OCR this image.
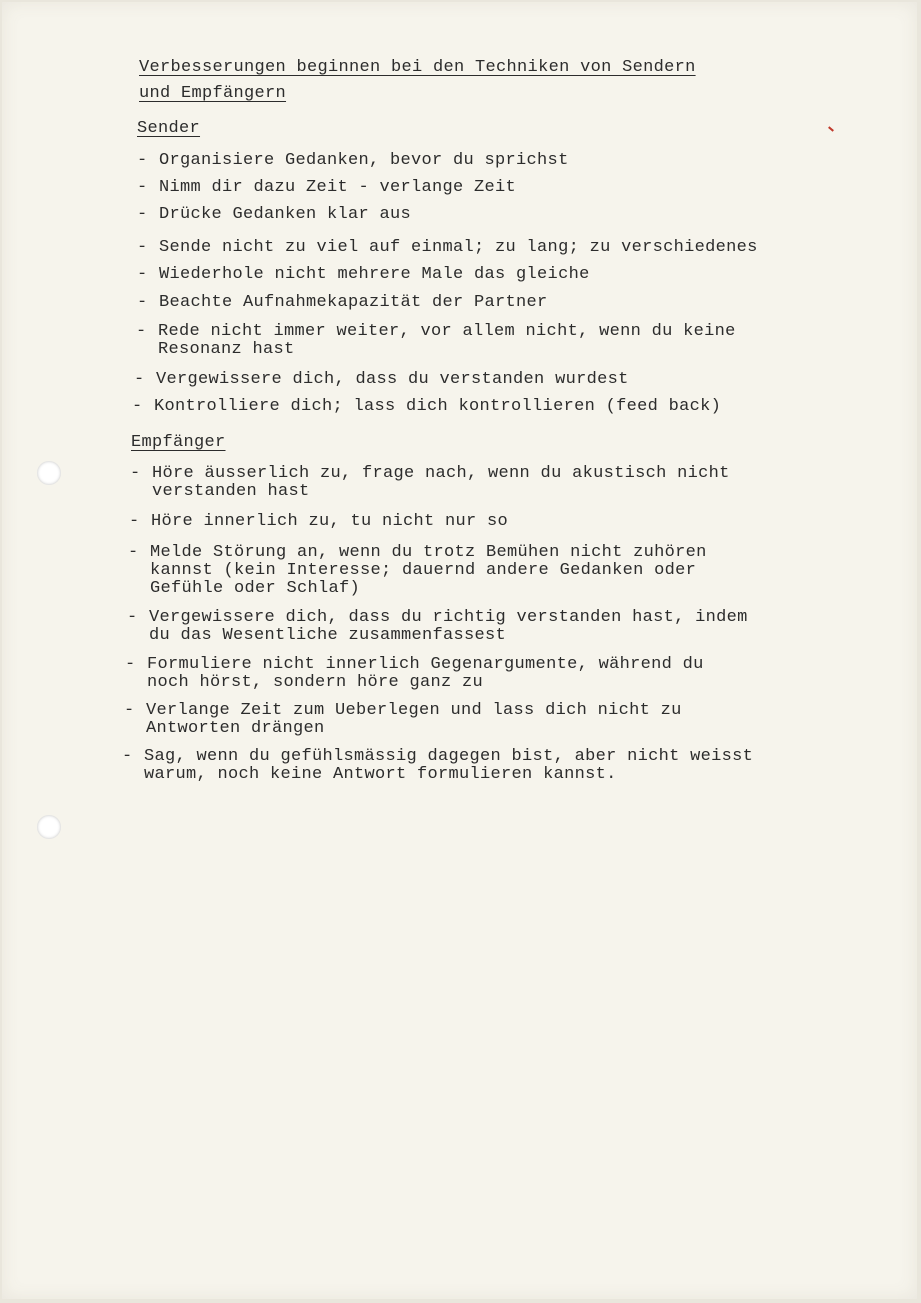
Verbesserungen beginnen bei den Techniken von Sendern
und Empfängern
Sender
- Organisiere Gedanken, bevor du sprichst
- Nimm dir dazu Zeit - verlange Zeit
- Drücke Gedanken klar aus
- Sende nicht zu viel auf einmal; zu lang; zu verschiedenes
- Wiederhole nicht mehrere Male das gleiche
- Beachte Aufnahmekapazität der Partner
- Rede nicht immer weiter, vor allem nicht, wenn du keine
Resonanz hast
- Vergewissere dich, dass du verstanden wurdest
- Kontrolliere dich; lass dich kontrollieren (feed back)
Empfänger
- Höre äusserlich zu, frage nach, wenn du akustisch nicht
verstanden hast
- Höre innerlich zu, tu nicht nur so
- Melde Störung an, wenn du trotz Bemühen nicht zuhören
kannst (kein Interesse; dauernd andere Gedanken oder
Gefühle oder Schlaf)
- Vergewissere dich, dass du richtig verstanden hast, indem
du das Wesentliche zusammenfassest
- Formuliere nicht innerlich Gegenargumente, während du
noch hörst, sondern höre ganz zu
- Verlange Zeit zum Ueberlegen und lass dich nicht zu
Antworten drängen
- Sag, wenn du gefühlsmässig dagegen bist, aber nicht weisst
warum, noch keine Antwort formulieren kannst.
